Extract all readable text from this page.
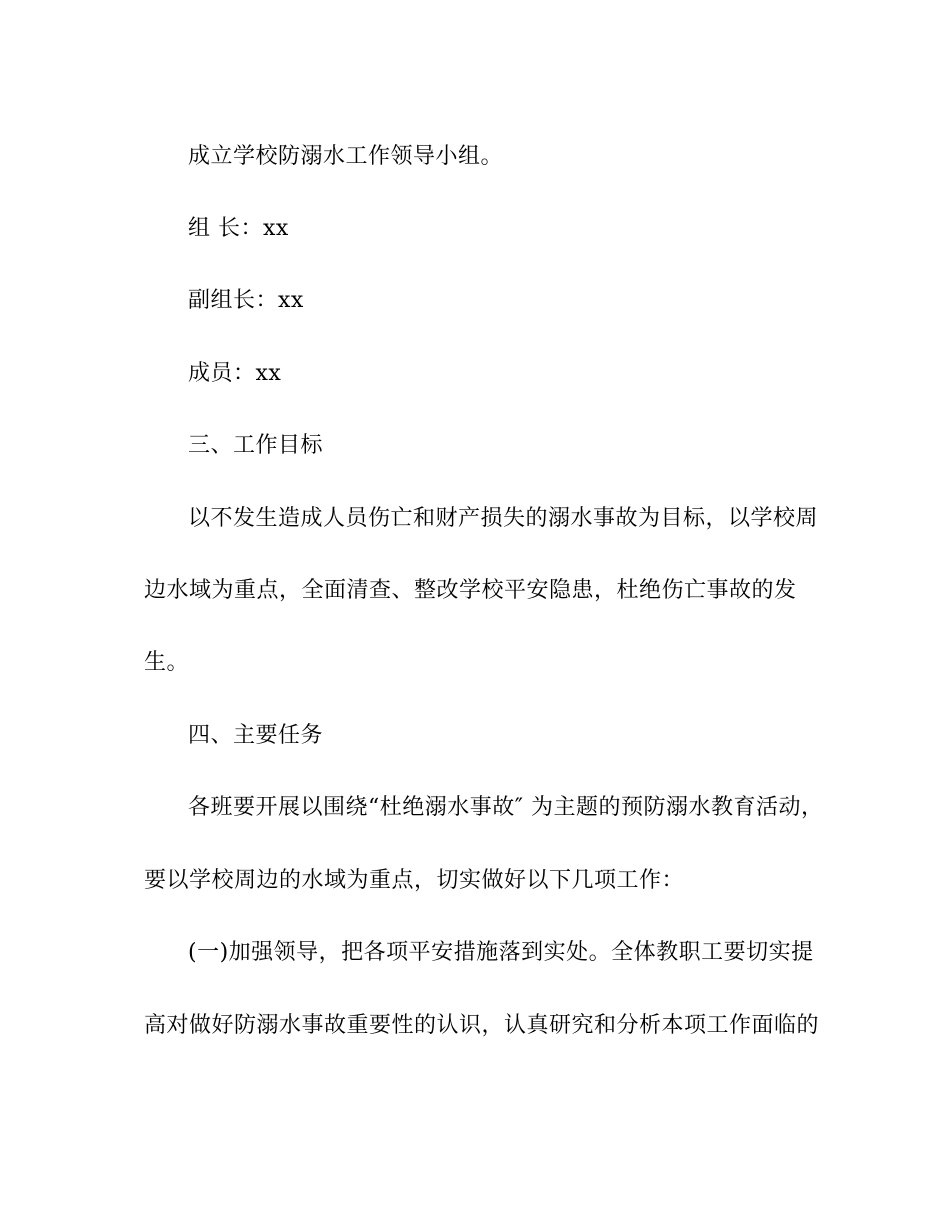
成立学校防溺水工作领导小组。
组 长：xx
副组长：xx
成员：xx
三、工作目标
以不发生造成人员伤亡和财产损失的溺水事故为目标，以学校周
边水域为重点，全面清查、整改学校平安隐患，杜绝伤亡事故的发
生。
四、主要任务
各班要开展以围绕“杜绝溺水事故″ 为主题的预防溺水教育活动，
要以学校周边的水域为重点，切实做好以下几项工作：
(一)加强领导，把各项平安措施落到实处。全体教职工要切实提
高对做好防溺水事故重要性的认识，认真研究和分析本项工作面临的
